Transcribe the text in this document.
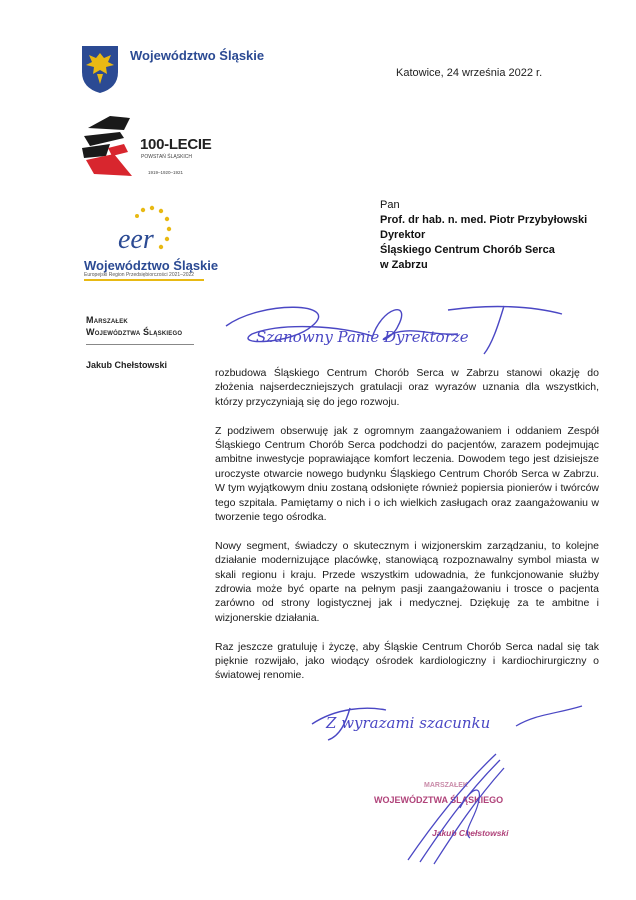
Województwo Śląskie
100-LECIE
POWSTAŃ ŚLĄSKICH
1919–1920–1921
eer
Województwo Śląskie
Europejski Region Przedsiębiorczości 2021–2022
Marszałek
Województwa Śląskiego
Jakub Chełstowski
Katowice, 24 września 2022 r.
Pan
Prof. dr hab. n. med. Piotr Przybyłowski
Dyrektor
Śląskiego Centrum Chorób Serca
w Zabrzu
Szanowny Panie Dyrektorze

rozbudowa Śląskiego Centrum Chorób Serca w Zabrzu stanowi okazję do złożenia najserdeczniejszych gratulacji oraz wyrazów uznania dla wszystkich, którzy przyczyniają się do jego rozwoju.

Z podziwem obserwuję jak z ogromnym zaangażowaniem i oddaniem Zespół Śląskiego Centrum Chorób Serca podchodzi do pacjentów, zarazem podejmując ambitne inwestycje poprawiające komfort leczenia. Dowodem tego jest dzisiejsze uroczyste otwarcie nowego budynku Śląskiego Centrum Chorób Serca w Zabrzu. W tym wyjątkowym dniu zostaną odsłonięte również popiersia pionierów i twórców tego szpitala. Pamiętamy o nich i o ich wielkich zasługach oraz zaangażowaniu w tworzenie tego ośrodka.

Nowy segment, świadczy o skutecznym i wizjonerskim zarządzaniu, to kolejne działanie modernizujące placówkę, stanowiącą rozpoznawalny symbol miasta w skali regionu i kraju. Przede wszystkim udowadnia, że funkcjonowanie służby zdrowia może być oparte na pełnym pasji zaangażowaniu i trosce o pacjenta zarówno od strony logistycznej jak i medycznej. Dziękuję za te ambitne i wizjonerskie działania.

Raz jeszcze gratuluję i życzę, aby Śląskie Centrum Chorób Serca nadal się tak pięknie rozwijało, jako wiodący ośrodek kardiologiczny i kardiochirurgiczny o światowej renomie.

Z wyrazami szacunku
MARSZAŁEK
WOJEWÓDZTWA ŚLĄSKIEGO
Jakub Chełstowski
